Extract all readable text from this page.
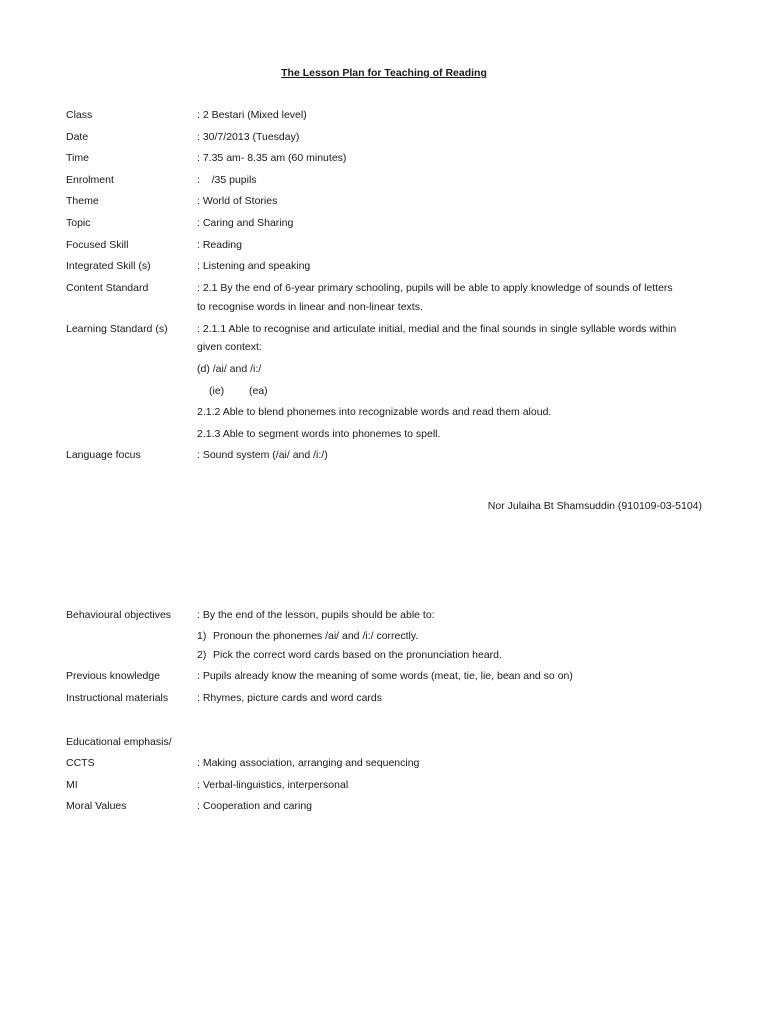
The Lesson Plan for Teaching of Reading
Class	: 2 Bestari (Mixed level)
Date	: 30/7/2013 (Tuesday)
Time	: 7.35 am- 8.35 am (60 minutes)
Enrolment	:    /35 pupils
Theme	: World of Stories
Topic	: Caring and Sharing
Focused Skill	: Reading
Integrated Skill (s)	: Listening and speaking
Content Standard	: 2.1 By the end of 6-year primary schooling, pupils will be able to apply knowledge of sounds of letters
to recognise words in linear and non-linear texts.
Learning Standard (s)	: 2.1.1 Able to recognise and articulate initial, medial and the final sounds in single syllable words within
given context:
(d) /ai/ and /i:/
(ie)	(ea)
2.1.2 Able to blend phonemes into recognizable words and read them aloud.
2.1.3 Able to segment words into phonemes to spell.
Language focus	: Sound system (/ai/ and /i:/)
Nor Julaiha Bt Shamsuddin (910109-03-5104)
Behavioural objectives : By the end of the lesson, pupils should be able to:
1) Pronoun the phonemes /ai/ and /i:/ correctly.
2) Pick the correct word cards based on the pronunciation heard.
Previous knowledge	: Pupils already know the meaning of some words (meat, tie, lie, bean and so on)
Instructional materials	: Rhymes, picture cards and word cards
Educational emphasis/
CCTS	: Making association, arranging and sequencing
MI	: Verbal-linguistics, interpersonal
Moral Values	: Cooperation and caring
